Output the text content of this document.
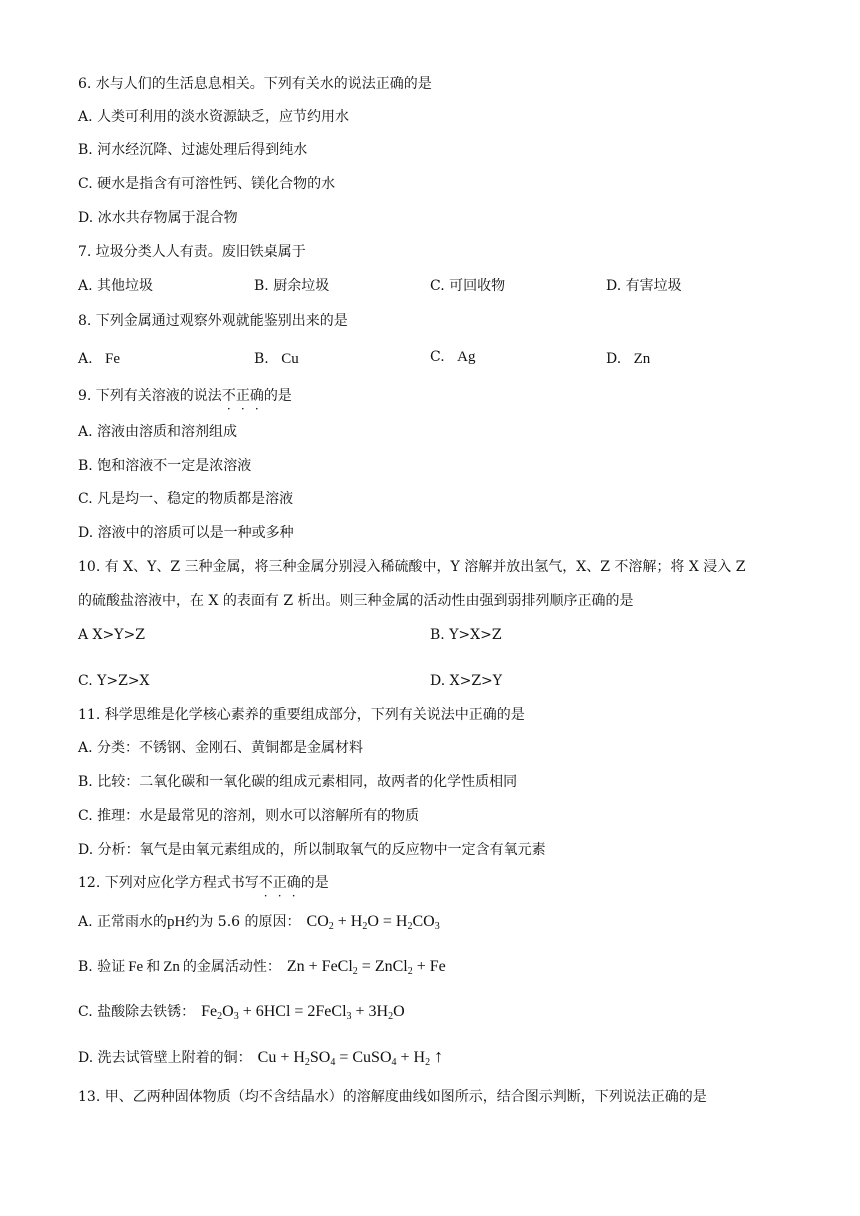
6. 水与人们的生活息息相关。下列有关水的说法正确的是
A. 人类可利用的淡水资源缺乏，应节约用水
B. 河水经沉降、过滤处理后得到纯水
C. 硬水是指含有可溶性钙、镁化合物的水
D. 冰水共存物属于混合物
7. 垃圾分类人人有责。废旧铁桌属于
A. 其他垃圾	B. 厨余垃圾	C. 可回收物	D. 有害垃圾
8. 下列金属通过观察外观就能鉴别出来的是
A. Fe	B. Cu	C. Ag	D. Zn
9. 下列有关溶液的说法不正确的是
A. 溶液由溶质和溶剂组成
B. 饱和溶液不一定是浓溶液
C. 凡是均一、稳定的物质都是溶液
D. 溶液中的溶质可以是一种或多种
10. 有 X、Y、Z 三种金属，将三种金属分别浸入稀硫酸中，Y 溶解并放出氢气，X、Z 不溶解；将 X 浸入 Z
的硫酸盐溶液中，在 X 的表面有 Z 析出。则三种金属的活动性由强到弱排列顺序正确的是
A X>Y>Z	B. Y>X>Z
C. Y>Z>X	D. X>Z>Y
11. 科学思维是化学核心素养的重要组成部分，下列有关说法中正确的是
A. 分类：不锈钢、金刚石、黄铜都是金属材料
B. 比较：二氧化碳和一氧化碳的组成元素相同，故两者的化学性质相同
C. 推理：水是最常见的溶剂，则水可以溶解所有的物质
D. 分析：氧气是由氧元素组成的，所以制取氧气的反应物中一定含有氧元素
12. 下列对应化学方程式书写不正确的是
A. 正常雨水的pH约为 5.6 的原因： $CO_2 + H_2O = H_2CO_3$
B. 验证 Fe 和 Zn 的金属活动性： Zn + FeCl$_2$ = ZnCl$_2$ + Fe
C. 盐酸除去铁锈： $Fe_2O_3 + 6HCl$ = 2FeCl$_3$ + $3H_2O$
D. 洗去试管壁上附着的铜： $Cu + H_2SO_4$ = CuSO$_4$ + $H_2$ ↑
13. 甲、乙两种固体物质（均不含结晶水）的溶解度曲线如图所示，结合图示判断，下列说法正确的是
